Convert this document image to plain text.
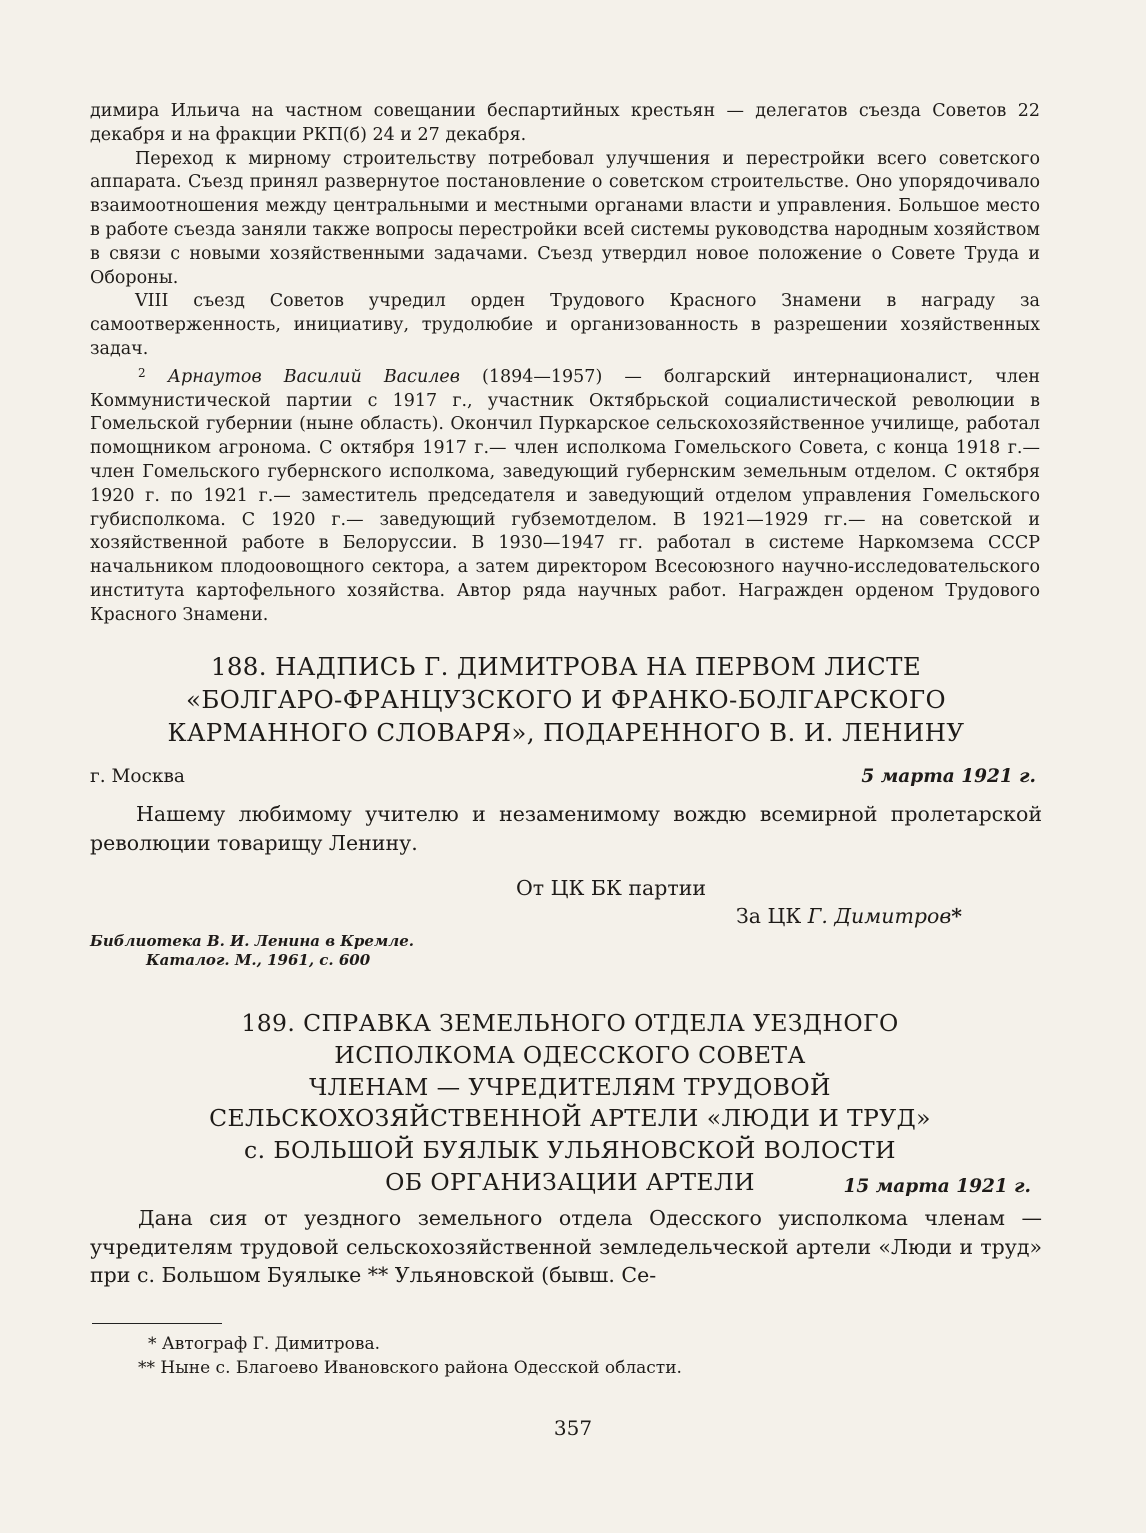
димира Ильича на частном совещании беспартийных крестьян — делегатов съезда Советов 22 декабря и на фракции РКП(б) 24 и 27 декабря.

Переход к мирному строительству потребовал улучшения и перестройки всего советского аппарата. Съезд принял развернутое постановление о советском строительстве. Оно упорядочивало взаимоотношения между центральными и местными органами власти и управления. Большое место в работе съезда заняли также вопросы перестройки всей системы руководства народным хозяйством в связи с новыми хозяйственными задачами. Съезд утвердил новое положение о Совете Труда и Обороны.

VIII съезд Советов учредил орден Трудового Красного Знамени в награду за самоотверженность, инициативу, трудолюбие и организованность в разрешении хозяйственных задач.

$^2$ Арнаутов Василий Василев (1894—1957) — болгарский интернационалист, член Коммунистической партии с 1917 г., участник Октябрьской социалистической революции в Гомельской губернии (ныне область). Окончил Пуркарское сельскохозяйственное училище, работал помощником агронома. С октября 1917 г.— член исполкома Гомельского Совета, с конца 1918 г.— член Гомельского губернского исполкома, заведующий губернским земельным отделом. С октября 1920 г. по 1921 г.— заместитель председателя и заведующий отделом управления Гомельского губисполкома. С 1920 г.— заведующий губземотделом. В 1921—1929 гг.— на советской и хозяйственной работе в Белоруссии. В 1930—1947 гг. работал в системе Наркомзема СССР начальником плодоовощного сектора, а затем директором Всесоюзного научно-исследовательского института картофельного хозяйства. Автор ряда научных работ. Награжден орденом Трудового Красного Знамени.

188. НАДПИСЬ Г. ДИМИТРОВА НА ПЕРВОМ ЛИСТЕ
«БОЛГАРО-ФРАНЦУЗСКОГО И ФРАНКО-БОЛГАРСКОГО
КАРМАННОГО СЛОВАРЯ», ПОДАРЕННОГО В. И. ЛЕНИНУ
г. Москва	5 марта 1921 г.

Нашему любимому учителю и незаменимому вождю всемирной пролетарской революции товарищу Ленину.

От ЦК БК партии
За ЦК Г. Димитров*
Библиотека В. И. Ленина в Кремле.
Каталог. М., 1961, с. 600
189. СПРАВКА ЗЕМЕЛЬНОГО ОТДЕЛА УЕЗДНОГО
ИСПОЛКОМА ОДЕССКОГО СОВЕТА
ЧЛЕНАМ — УЧРЕДИТЕЛЯМ ТРУДОВОЙ
СЕЛЬСКОХОЗЯЙСТВЕННОЙ АРТЕЛИ «ЛЮДИ И ТРУД»
с. БОЛЬШОЙ БУЯЛЫК УЛЬЯНОВСКОЙ ВОЛОСТИ
ОБ ОРГАНИЗАЦИИ АРТЕЛИ	15 марта 1921 г.

Дана сия от уездного земельного отдела Одесского уисполкома членам — учредителям трудовой сельскохозяйственной земледельческой артели «Люди и труд» при с. Большом Буялыке ** Ульяновской (бывш. Се-

* Автограф Г. Димитрова.
** Ныне с. Благоево Ивановского района Одесской области.
357
